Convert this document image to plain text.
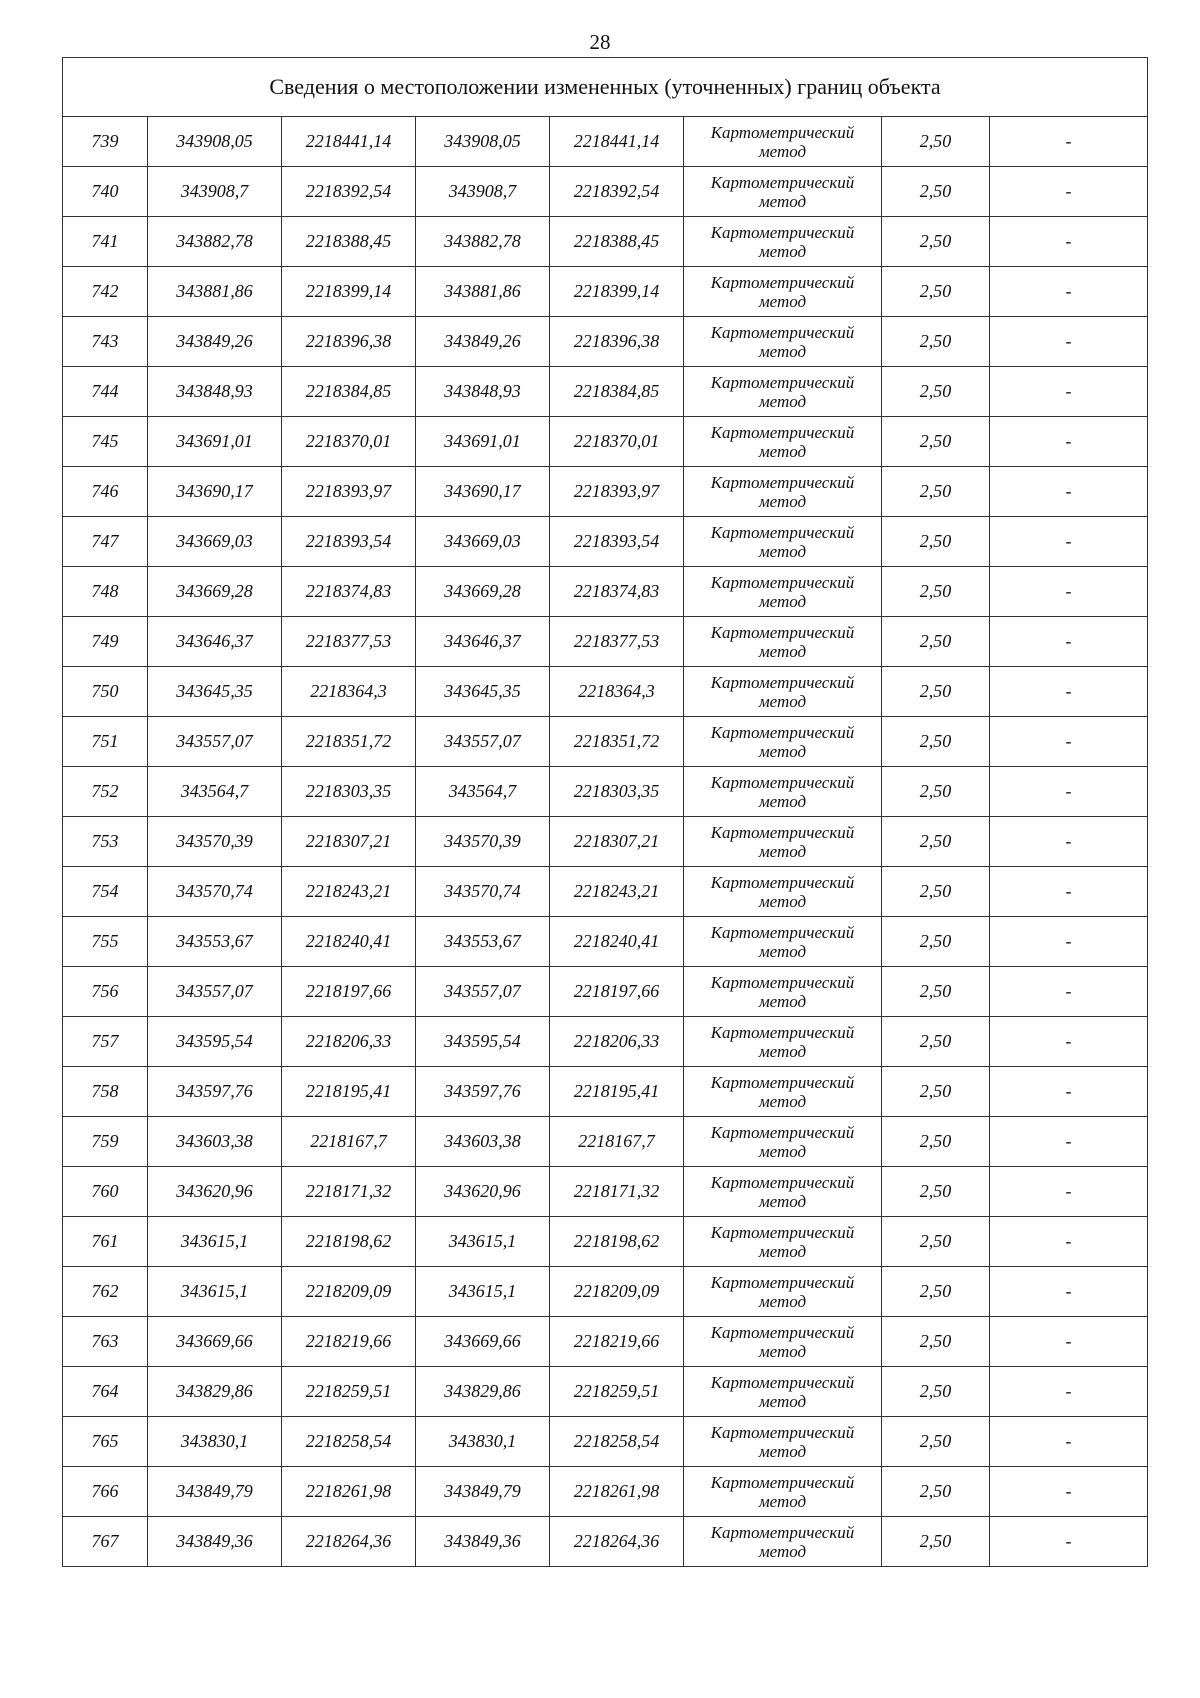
28
Сведения о местоположении измененных (уточненных) границ объекта							
739	343908,05	2218441,14	343908,05	2218441,14	Картометрический
метод	2,50	-
740	343908,7	2218392,54	343908,7	2218392,54	Картометрический
метод	2,50	-
741	343882,78	2218388,45	343882,78	2218388,45	Картометрический
метод	2,50	-
742	343881,86	2218399,14	343881,86	2218399,14	Картометрический
метод	2,50	-
743	343849,26	2218396,38	343849,26	2218396,38	Картометрический
метод	2,50	-
744	343848,93	2218384,85	343848,93	2218384,85	Картометрический
метод	2,50	-
745	343691,01	2218370,01	343691,01	2218370,01	Картометрический
метод	2,50	-
746	343690,17	2218393,97	343690,17	2218393,97	Картометрический
метод	2,50	-
747	343669,03	2218393,54	343669,03	2218393,54	Картометрический
метод	2,50	-
748	343669,28	2218374,83	343669,28	2218374,83	Картометрический
метод	2,50	-
749	343646,37	2218377,53	343646,37	2218377,53	Картометрический
метод	2,50	-
750	343645,35	2218364,3	343645,35	2218364,3	Картометрический
метод	2,50	-
751	343557,07	2218351,72	343557,07	2218351,72	Картометрический
метод	2,50	-
752	343564,7	2218303,35	343564,7	2218303,35	Картометрический
метод	2,50	-
753	343570,39	2218307,21	343570,39	2218307,21	Картометрический
метод	2,50	-
754	343570,74	2218243,21	343570,74	2218243,21	Картометрический
метод	2,50	-
755	343553,67	2218240,41	343553,67	2218240,41	Картометрический
метод	2,50	-
756	343557,07	2218197,66	343557,07	2218197,66	Картометрический
метод	2,50	-
757	343595,54	2218206,33	343595,54	2218206,33	Картометрический
метод	2,50	-
758	343597,76	2218195,41	343597,76	2218195,41	Картометрический
метод	2,50	-
759	343603,38	2218167,7	343603,38	2218167,7	Картометрический
метод	2,50	-
760	343620,96	2218171,32	343620,96	2218171,32	Картометрический
метод	2,50	-
761	343615,1	2218198,62	343615,1	2218198,62	Картометрический
метод	2,50	-
762	343615,1	2218209,09	343615,1	2218209,09	Картометрический
метод	2,50	-
763	343669,66	2218219,66	343669,66	2218219,66	Картометрический
метод	2,50	-
764	343829,86	2218259,51	343829,86	2218259,51	Картометрический
метод	2,50	-
765	343830,1	2218258,54	343830,1	2218258,54	Картометрический
метод	2,50	-
766	343849,79	2218261,98	343849,79	2218261,98	Картометрический
метод	2,50	-
767	343849,36	2218264,36	343849,36	2218264,36	Картометрический
метод	2,50	-
